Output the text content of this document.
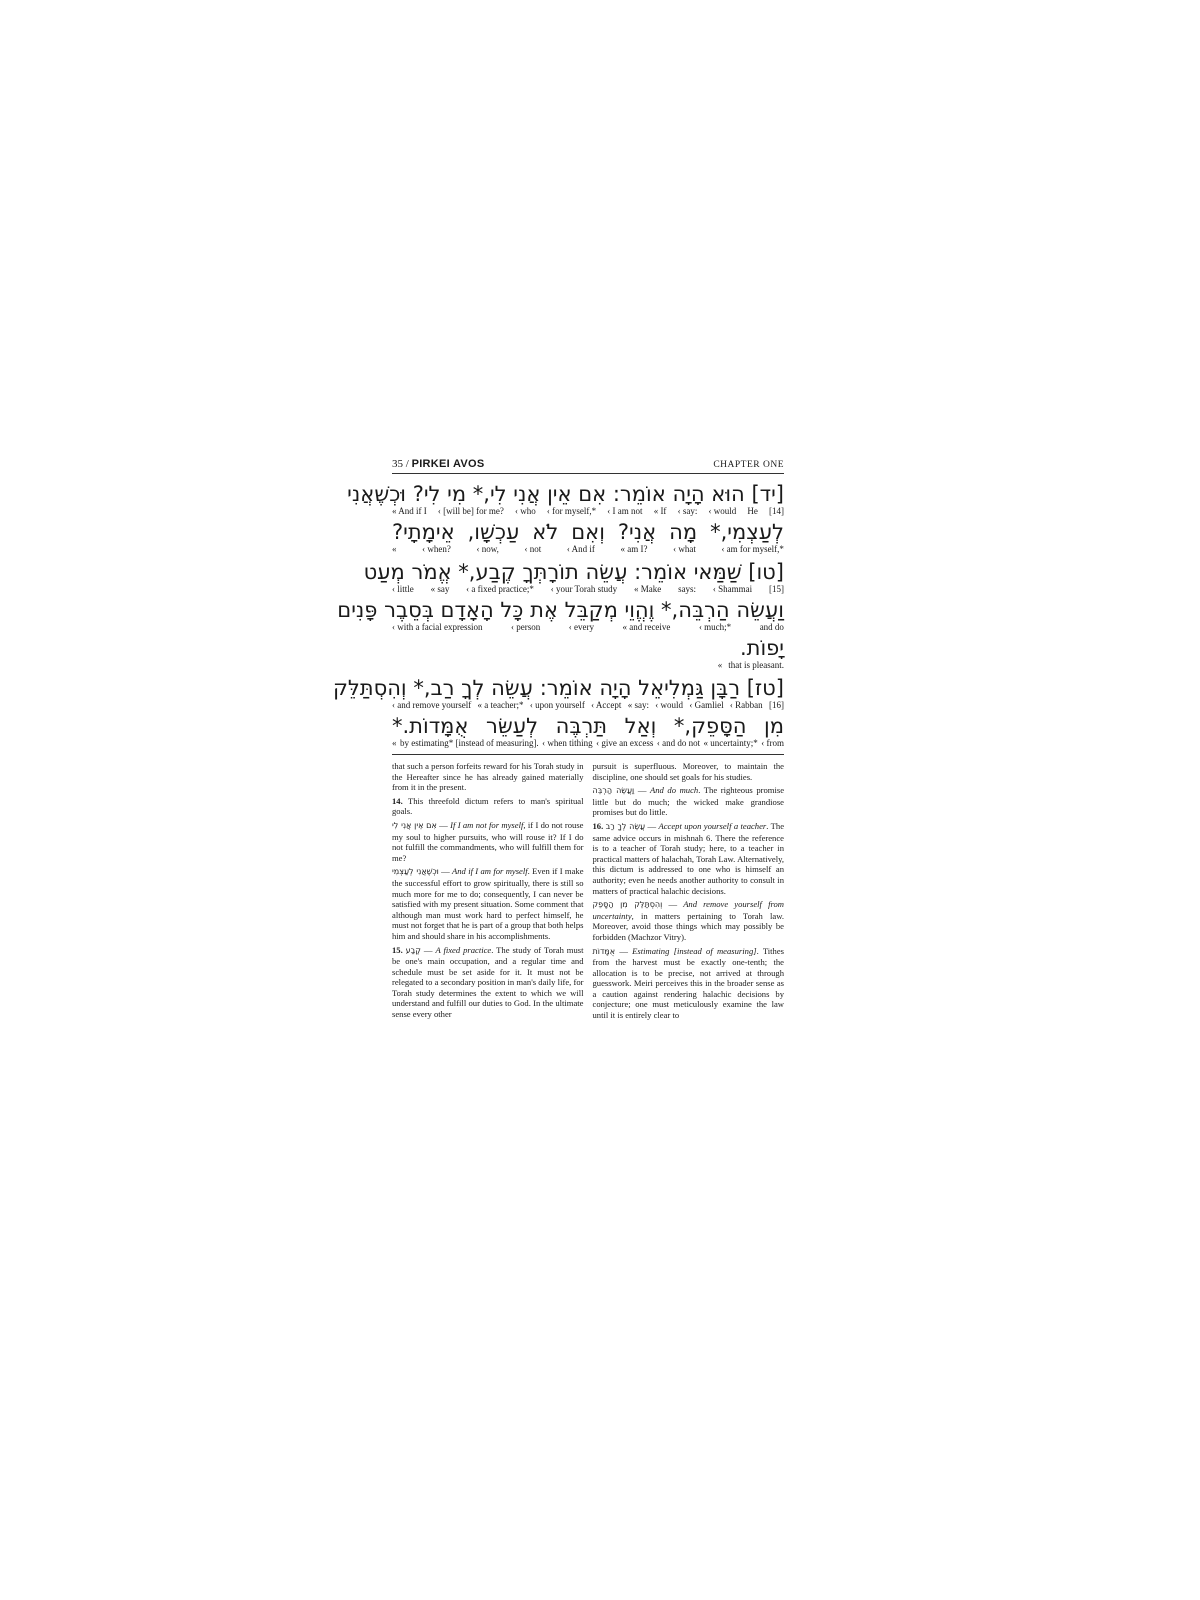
35 / PIRKEI AVOS	CHAPTER ONE
[יד] הוּא הָיָה אוֹמֵר: אִם אֵין אֲנִי לִי,* מִי לִי? וּכְשֶׁאֲנִי
[14]
He
‹ would
‹ say:
« If
‹ I am not
‹ for myself,*
‹ who
‹ [will be] for me?
« And if I
לְעַצְמִי,* מָה אֲנִי? וְאִם לֹא עַכְשָׁו, אֵימָתָי?
‹ am for myself,*
‹ what
« am I?
‹ And if
‹ not
‹ now,
‹ when?
«
[טו] שַׁמַּאי אוֹמֵר: עֲשֵׂה תוֹרָתְּךָ קֶבַע,* אֱמֹר מְעַט
[15]
‹ Shammai
says:
« Make
‹ your Torah study
‹ a fixed practice;*
« say
‹ little
וַעֲשֵׂה הַרְבֵּה,* וֶהֱוֵי מְקַבֵּל אֶת כָּל הָאָדָם בְּסֵבֶר פָּנִים
and do
‹ much;*
« and receive
‹ every
‹ person
‹ with a facial expression
יָפוֹת.
that is pleasant.
«
[טז] רַבָּן גַּמְלִיאֵל הָיָה אוֹמֵר: עֲשֵׂה לְךָ רַב,* וְהִסְתַּלֵּק
[16]
‹ Rabban
‹ Gamliel
‹ would
« say:
‹ Accept
‹ upon yourself
« a teacher;*
‹ and remove yourself
מִן הַסָּפֵק,* וְאַל תַּרְבֶּה לְעַשֵּׂר אֻמָּדוֹת.*
‹ from
« uncertainty;*
‹ and do not
‹ give an excess
‹ when tithing
by estimating* [instead of measuring].
«

that such a person forfeits reward for his Torah study in the Hereafter since he has already gained materially from it in the present.

14. This threefold dictum refers to man's spiritual goals.

אִם אֵין אֲנִי לִי — If I am not for myself, if I do not rouse my soul to higher pursuits, who will rouse it? If I do not fulfill the commandments, who will fulfill them for me?

וּכְשֶׁאֲנִי לְעַצְמִי — And if I am for myself. Even if I make the successful effort to grow spiritually, there is still so much more for me to do; consequently, I can never be satisfied with my present situation. Some comment that although man must work hard to perfect himself, he must not forget that he is part of a group that both helps him and should share in his accomplishments.

15. קֶבַע — A fixed practice. The study of Torah must be one's main occupation, and a regular time and schedule must be set aside for it. It must not be relegated to a secondary position in man's daily life, for Torah study determines the extent to which we will understand and fulfill our duties to God. In the ultimate sense every other

pursuit is superfluous. Moreover, to maintain the discipline, one should set goals for his studies.

וַעֲשֵׂה הַרְבֵּה — And do much. The righteous promise little but do much; the wicked make grandiose promises but do little.

16. עֲשֵׂה לְךָ רַב — Accept upon yourself a teacher. The same advice occurs in mishnah 6. There the reference is to a teacher of Torah study; here, to a teacher in practical matters of halachah, Torah Law. Alternatively, this dictum is addressed to one who is himself an authority; even he needs another authority to consult in matters of practical halachic decisions.

וְהִסְתַּלֵּק מִן הַסָּפֵק — And remove yourself from uncertainty, in matters pertaining to Torah law. Moreover, avoid those things which may possibly be forbidden (Machzor Vitry).

אֻמָּדוֹת — Estimating [instead of measuring]. Tithes from the harvest must be exactly one-tenth; the allocation is to be precise, not arrived at through guesswork. Meiri perceives this in the broader sense as a caution against rendering halachic decisions by conjecture; one must meticulously examine the law until it is entirely clear to
